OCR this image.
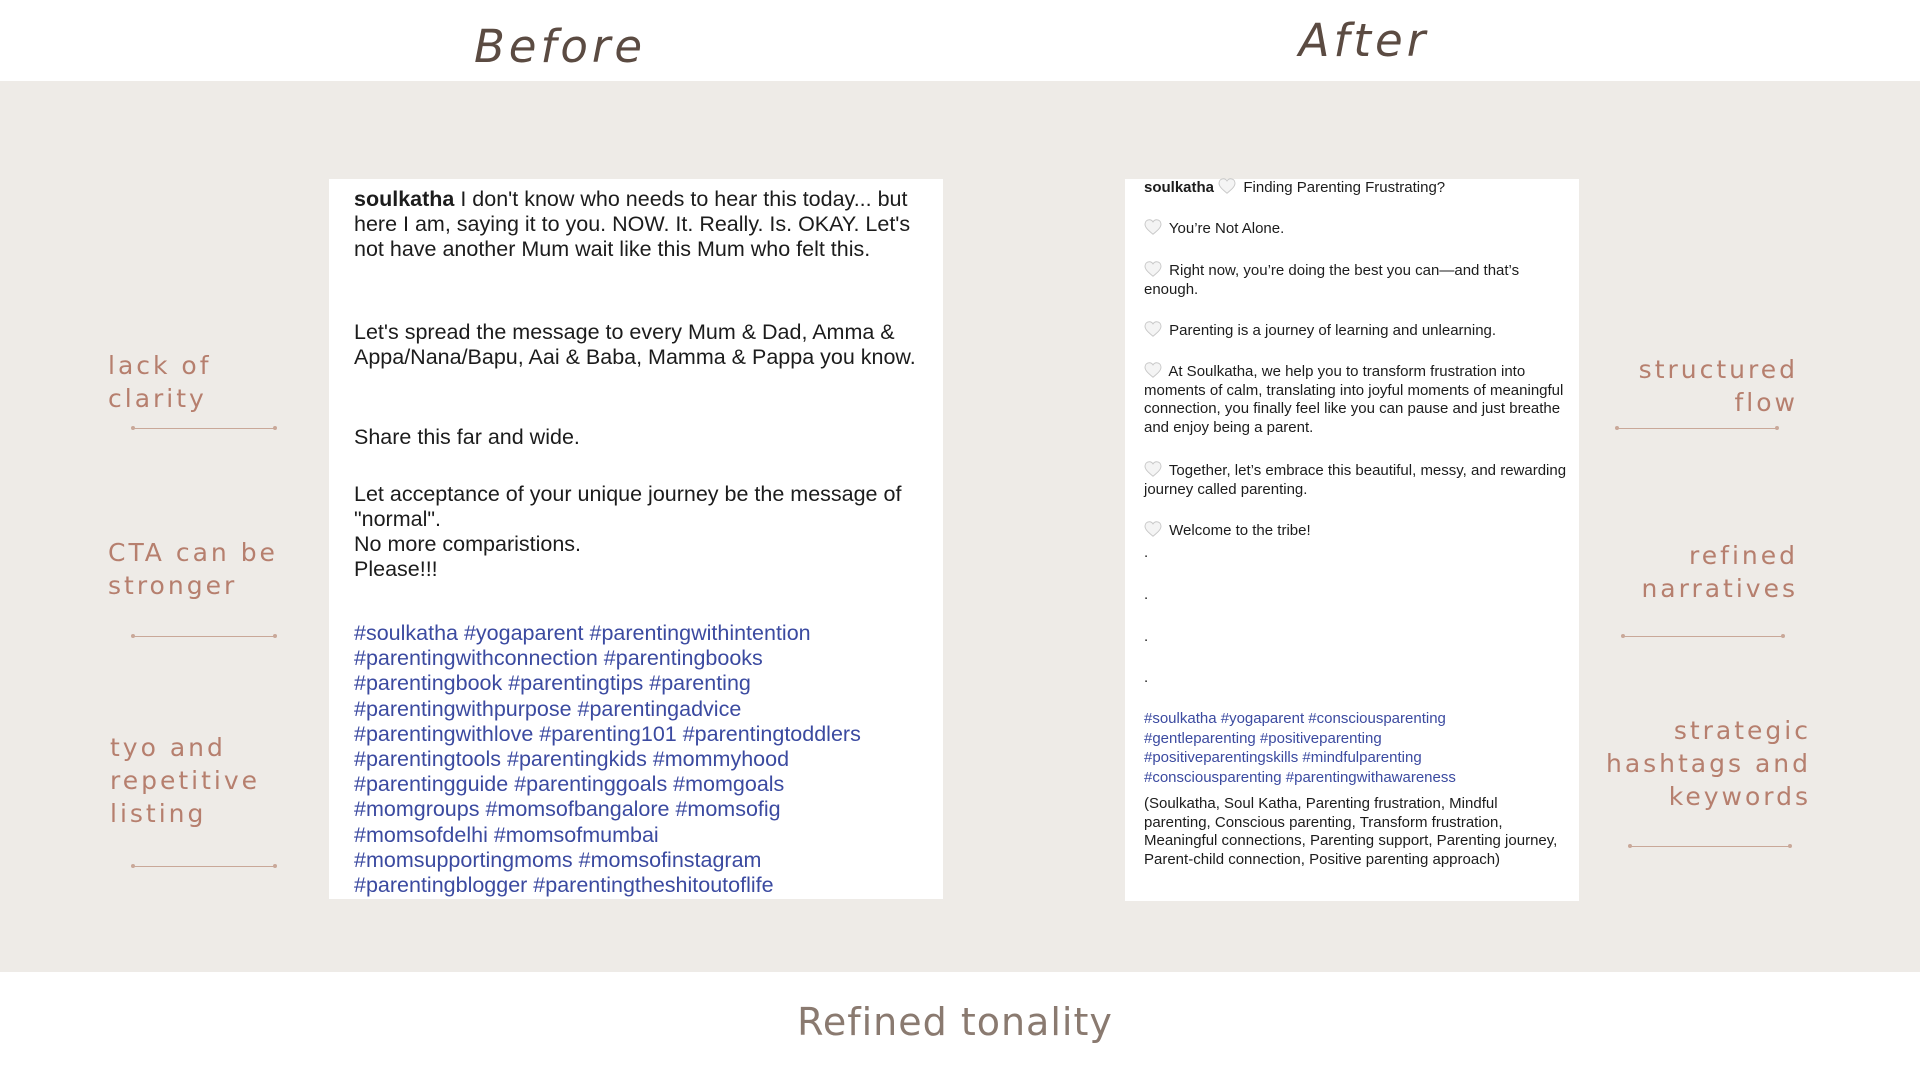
Before	After

soulkatha I don't know who needs to hear this today... but here I am, saying it to you. NOW. It. Really. Is. OKAY. Let's not have another Mum wait like this Mum who felt this.

Let's spread the message to every Mum & Dad, Amma & Appa/Nana/Bapu, Aai & Baba, Mamma & Pappa you know.

Share this far and wide.

Let acceptance of your unique journey be the message of "normal".
No more comparistions.
Please!!!

#soulkatha #yogaparent #parentingwithintention
#parentingwithconnection #parentingbooks
#parentingbook #parentingtips #parenting
#parentingwithpurpose #parentingadvice
#parentingwithlove #parenting101 #parentingtoddlers
#parentingtools #parentingkids #mommyhood
#parentingguide #parentinggoals #momgoals
#momgroups #momsofbangalore #momsofig
#momsofdelhi #momsofmumbai
#momsupportingmoms #momsofinstagram
#parentingblogger #parentingtheshitoutoflife

soulkatha Finding Parenting Frustrating?

You’re Not Alone.

Right now, you’re doing the best you can—and that’s enough.

Parenting is a journey of learning and unlearning.

At Soulkatha, we help you to transform frustration into moments of calm, translating into joyful moments of meaningful connection, you finally feel like you can pause and just breathe and enjoy being a parent.

Together, let’s embrace this beautiful, messy, and rewarding journey called parenting.

Welcome to the tribe!

.
.
.
.
#soulkatha #yogaparent #consciousparenting
#gentleparenting #positiveparenting
#positiveparentingskills #mindfulparenting
#consciousparenting #parentingwithawareness

(Soulkatha, Soul Katha, Parenting frustration, Mindful parenting, Conscious parenting, Transform frustration, Meaningful connections, Parenting support, Parenting journey, Parent-child connection, Positive parenting approach)

lack of
clarity
CTA can be
stronger
tyo and
repetitive
listing
structured
flow
refined
narratives
strategic
hashtags and
keywords
Refined tonality
